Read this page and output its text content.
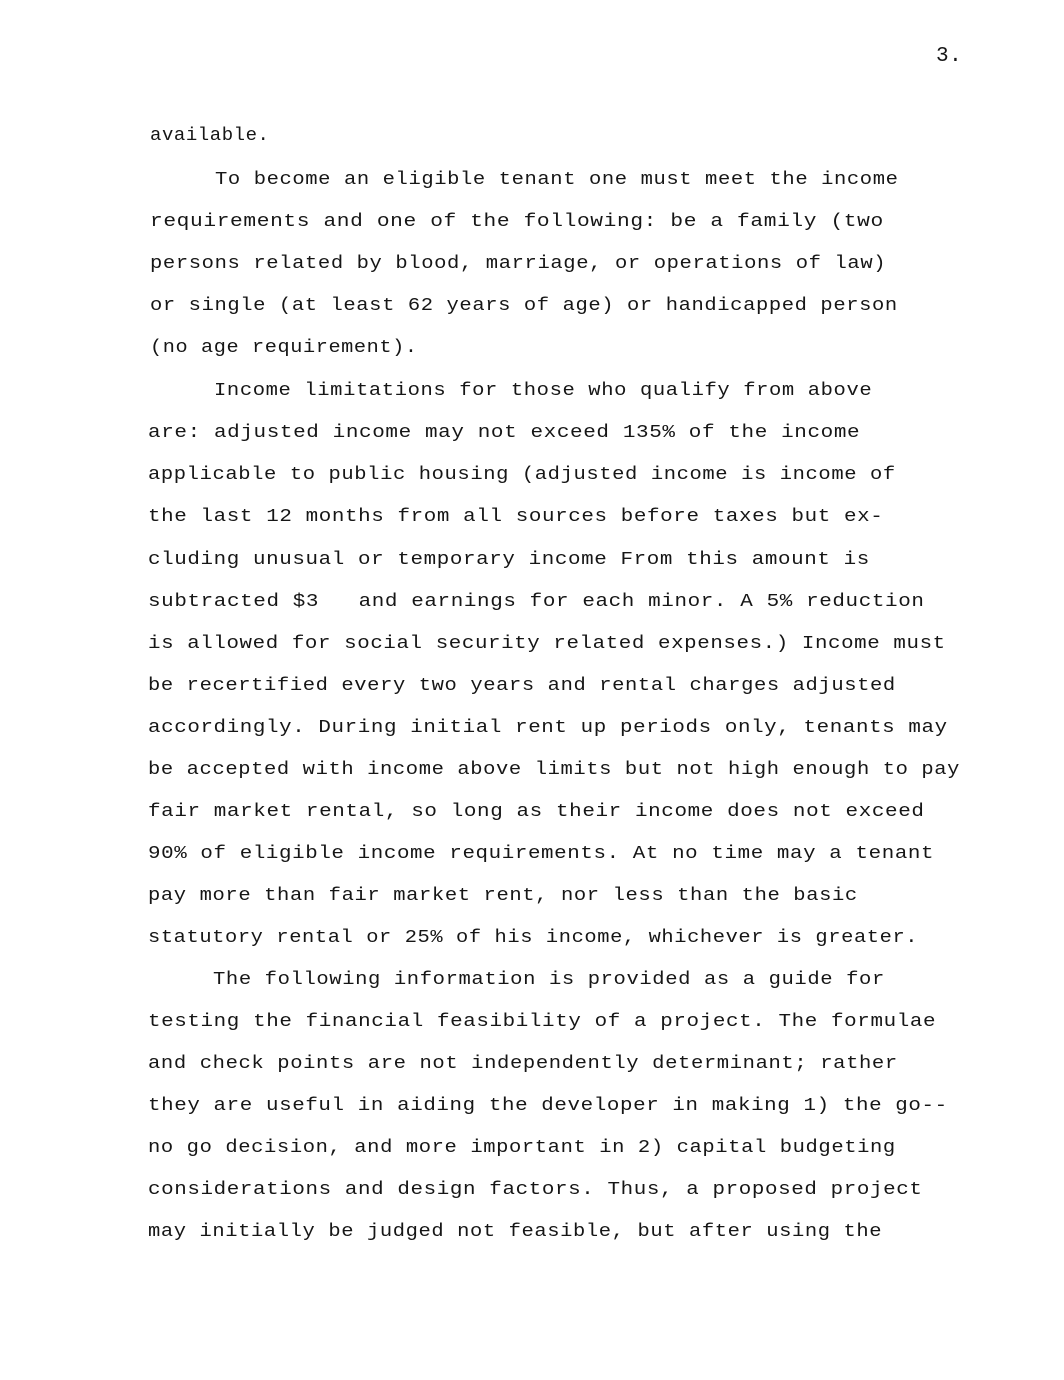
3.
available.
To become an eligible tenant one must meet the income
requirements and one of the following: be a family (two
persons related by blood, marriage, or operations of law)
or single (at least 62 years of age) or handicapped person
(no age requirement).
Income limitations for those who qualify from above
are: adjusted income may not exceed 135% of the income
applicable to public housing (adjusted income is income of
the last 12 months from all sources before taxes but ex-
cluding unusual or temporary income From this amount is
subtracted $3   and earnings for each minor. A 5% reduction
is allowed for social security related expenses.) Income must
be recertified every two years and rental charges adjusted
accordingly. During initial rent up periods only, tenants may
be accepted with income above limits but not high enough to pay
fair market rental, so long as their income does not exceed
90% of eligible income requirements. At no time may a tenant
pay more than fair market rent, nor less than the basic
statutory rental or 25% of his income, whichever is greater.
The following information is provided as a guide for
testing the financial feasibility of a project. The formulae
and check points are not independently determinant; rather
they are useful in aiding the developer in making 1) the go--
no go decision, and more important in 2) capital budgeting
considerations and design factors. Thus, a proposed project
may initially be judged not feasible, but after using the
